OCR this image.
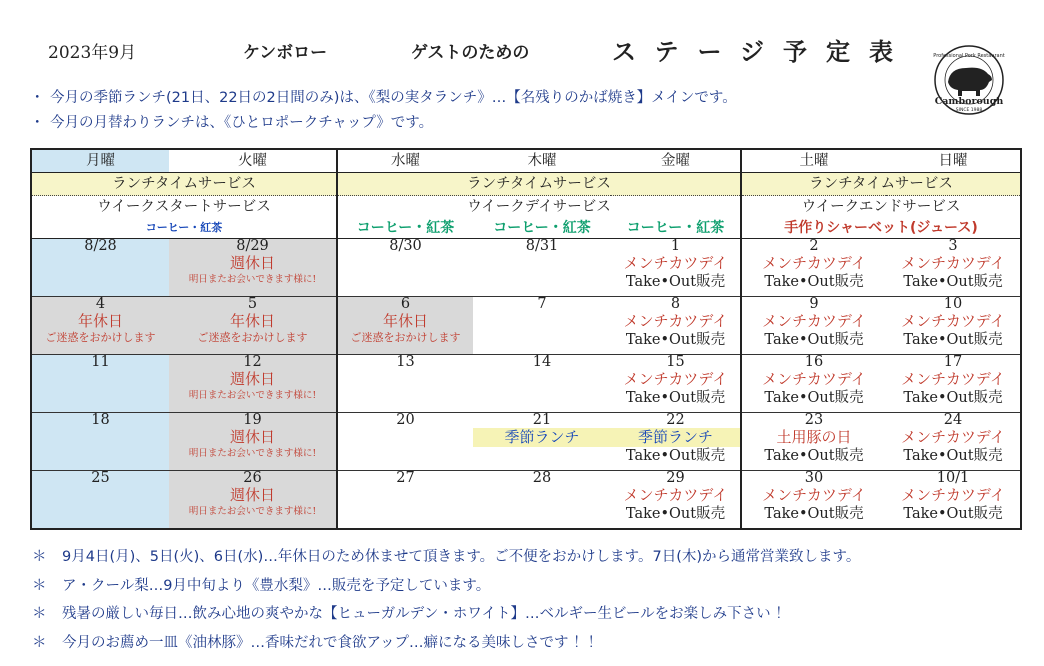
2023年9月	ケンボロー	ゲストのための	ステージ予定表	Professional Pork Restaurant
Camborough
SINCE 1988
・ 今月の季節ランチ(21日、22日の2日間のみ)は、《梨の実タランチ》…【名残りのかば焼き】メインです。
・ 今月の月替わりランチは、《ひとロポークチャップ》です。
月曜	火曜	水曜	木曜	金曜	土曜	日曜
ランチタイムサービス		ランチタイムサービス			ランチタイムサービス	
ウイークスタートサービス		ウイークデイサービス			ウイークエンドサービス	
コーヒー・紅茶		コーヒー・紅茶	コーヒー・紅茶	コーヒー・紅茶	手作りシャーベット(ジュース)	

8/28	8/29
週休日
明日またお会いできます様に!	8/30	8/31	1
メンチカツデイ
Take•Out販売	2
メンチカツデイ
Take•Out販売	3
メンチカツデイ
Take•Out販売

4
年休日
ご迷惑をおかけします	5
年休日
ご迷惑をおかけします	6
年休日
ご迷惑をおかけします	7	8
メンチカツデイ
Take•Out販売	9
メンチカツデイ
Take•Out販売	10
メンチカツデイ
Take•Out販売

11	12
週休日
明日またお会いできます様に!	13	14	15
メンチカツデイ
Take•Out販売	16
メンチカツデイ
Take•Out販売	17
メンチカツデイ
Take•Out販売

18	19
週休日
明日またお会いできます様に!	20	21
季節ランチ	22
季節ランチ
Take•Out販売	23
土用豚の日
Take•Out販売	24
メンチカツデイ
Take•Out販売

25	26
週休日
明日またお会いできます様に!	27	28	29
メンチカツデイ
Take•Out販売	30
メンチカツデイ
Take•Out販売	10/1
メンチカツデイ
Take•Out販売
＊ 9月4日(月)、5日(火)、6日(水)…年休日のため休ませて頂きます。ご不便をおかけします。7日(木)から通常営業致します。
＊ ア・クール梨…9月中旬より《豊水梨》…販売を予定しています。
＊ 残暑の厳しい毎日…飲み心地の爽やかな【ヒューガルデン・ホワイト】…ベルギー生ビールをお楽しみ下さい ！
＊ 今月のお薦め一皿《油林豚》…香味だれで食欲アップ…癖になる美味しさです ！！
